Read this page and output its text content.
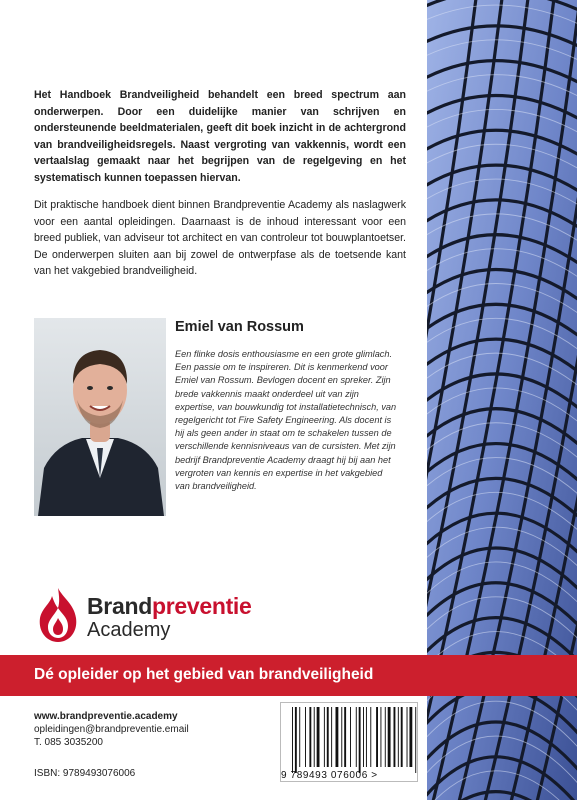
Het Handboek Brandveiligheid behandelt een breed spectrum aan onderwerpen. Door een duidelijke manier van schrijven en ondersteunende beeldmaterialen, geeft dit boek inzicht in de achtergrond van brandveiligheidsregels. Naast vergroting van vakkennis, wordt een vertaalslag gemaakt naar het begrijpen van de regelgeving en het systematisch kunnen toepassen hiervan.

Dit praktische handboek dient binnen Brandpreventie Academy als naslagwerk voor een aantal opleidingen. Daarnaast is de inhoud interessant voor een breed publiek, van adviseur tot architect en van controleur tot bouwplantoetser. De onderwerpen sluiten aan bij zowel de ontwerpfase als de toetsende kant van het vakgebied brandveiligheid.

Emiel van Rossum

Een flinke dosis enthousiasme en een grote glimlach. Een passie om te inspireren. Dit is kenmerkend voor Emiel van Rossum. Bevlogen docent en spreker. Zijn brede vakkennis maakt onderdeel uit van zijn expertise, van bouwkundig tot installatietechnisch, van regelgericht tot Fire Safety Engineering. Als docent is hij als geen ander in staat om te schakelen tussen de verschillende kennisniveaus van de cursisten. Met zijn bedrijf Brandpreventie Academy draagt hij bij aan het vergroten van kennis en expertise in het vakgebied van brandveiligheid.

Brandpreventie
Academy
Dé opleider op het gebied van brandveiligheid
www.brandpreventie.academy
opleidingen@brandpreventie.email
T. 085 3035200
ISBN: 9789493076006	9 789493 076006 >
